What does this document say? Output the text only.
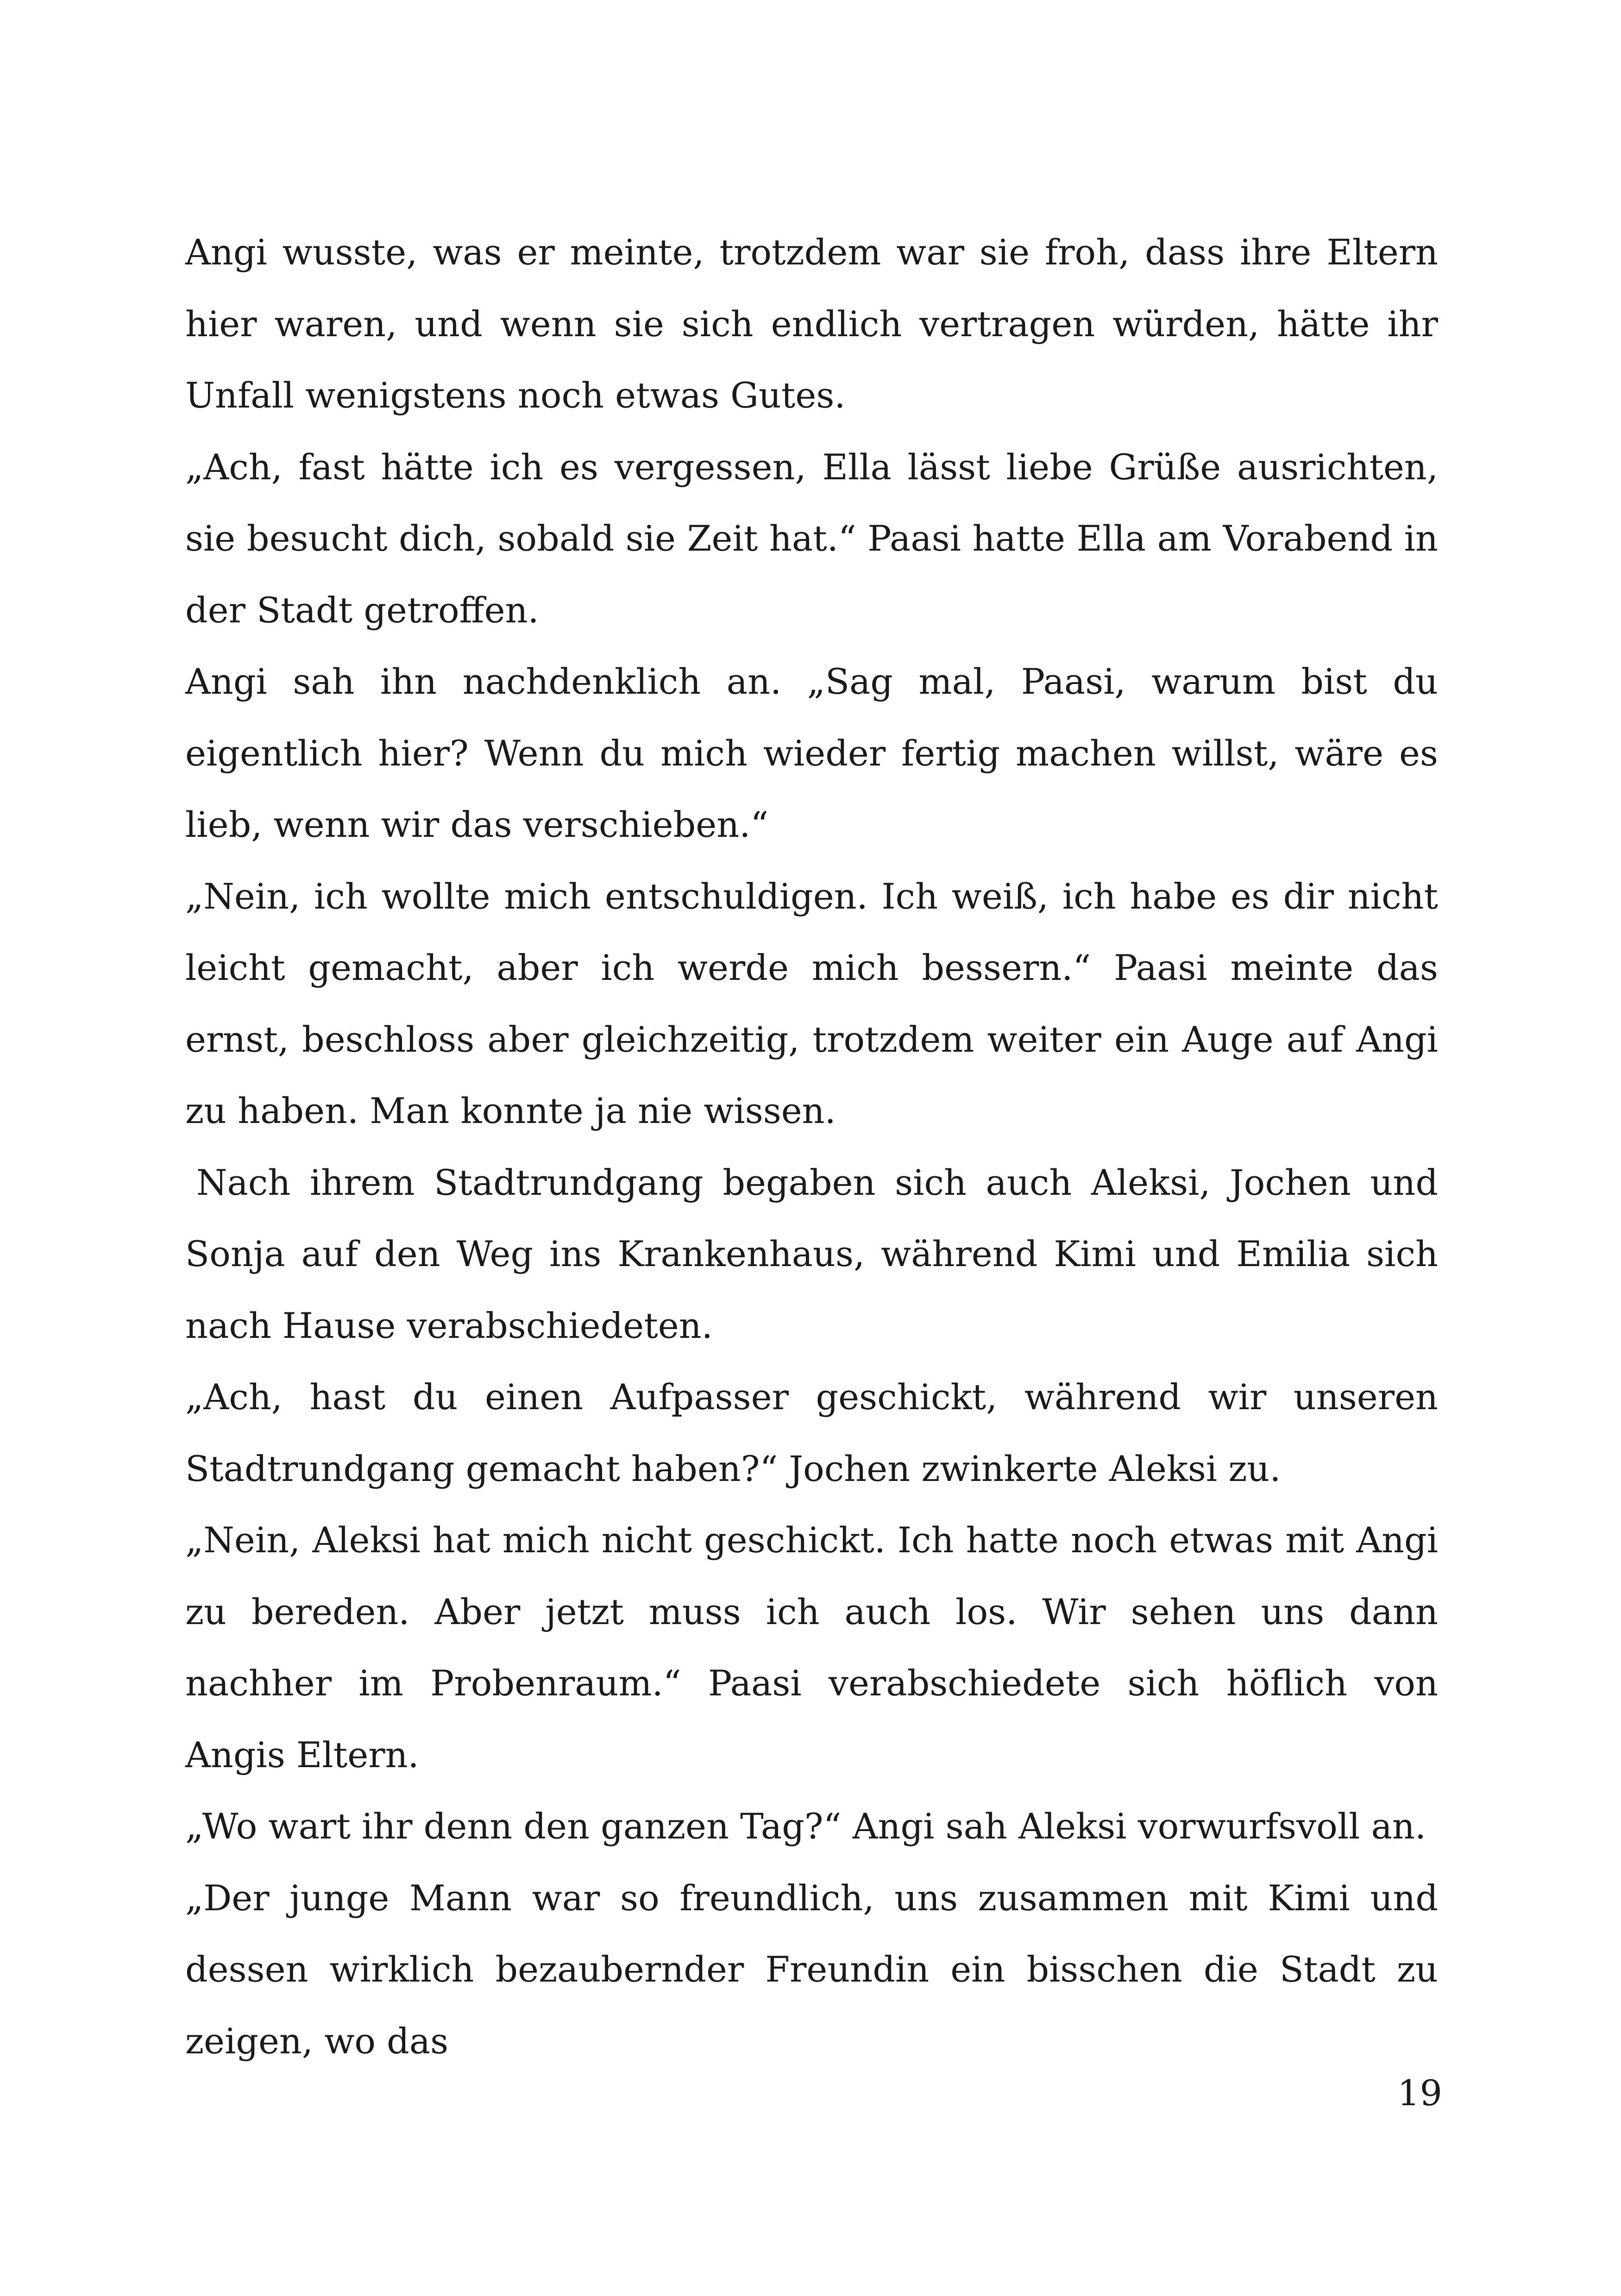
Angi wusste, was er meinte, trotzdem war sie froh, dass ihre Eltern hier waren, und wenn sie sich endlich vertragen würden, hätte ihr Unfall wenigstens noch etwas Gutes.

„Ach, fast hätte ich es vergessen, Ella lässt liebe Grüße ausrichten, sie besucht dich, sobald sie Zeit hat.“ Paasi hatte Ella am Vorabend in der Stadt getroffen.

Angi sah ihn nachdenklich an. „Sag mal, Paasi, warum bist du eigentlich hier? Wenn du mich wieder fertig machen willst, wäre es lieb, wenn wir das verschieben.“

„Nein, ich wollte mich entschuldigen. Ich weiß, ich habe es dir nicht leicht gemacht, aber ich werde mich bessern.“ Paasi meinte das ernst, beschloss aber gleichzeitig, trotzdem weiter ein Auge auf Angi zu haben. Man konnte ja nie wissen.

Nach ihrem Stadtrundgang begaben sich auch Aleksi, Jochen und Sonja auf den Weg ins Krankenhaus, während Kimi und Emilia sich nach Hause verabschiedeten.

„Ach, hast du einen Aufpasser geschickt, während wir unseren Stadtrundgang gemacht haben?“ Jochen zwinkerte Aleksi zu.

„Nein, Aleksi hat mich nicht geschickt. Ich hatte noch etwas mit Angi zu bereden. Aber jetzt muss ich auch los. Wir sehen uns dann nachher im Probenraum.“ Paasi verabschiedete sich höflich von Angis Eltern.

„Wo wart ihr denn den ganzen Tag?“ Angi sah Aleksi vorwurfsvoll an.

„Der junge Mann war so freundlich, uns zusammen mit Kimi und dessen wirklich bezaubernder Freundin ein bisschen die Stadt zu zeigen, wo das

19
